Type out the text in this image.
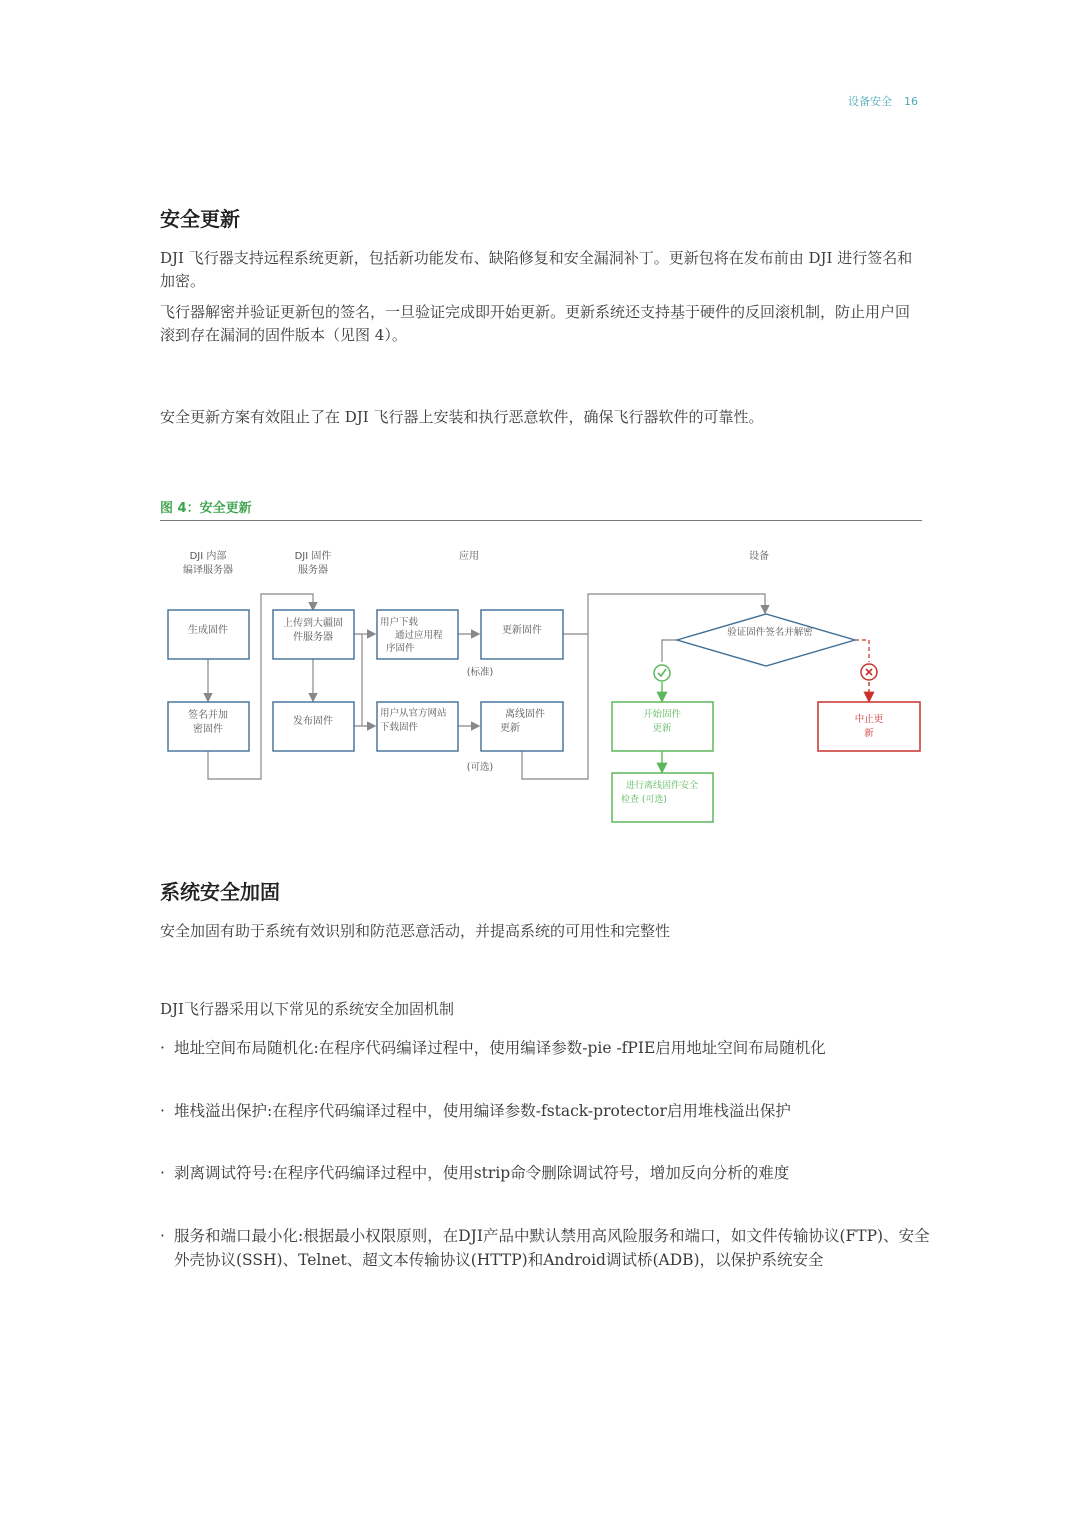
设备安全 16
安全更新

DJI 飞行器支持远程系统更新，包括新功能发布、缺陷修复和安全漏洞补丁。更新包将在发布前由 DJI 进行签名和加密。

飞行器解密并验证更新包的签名，一旦验证完成即开始更新。更新系统还支持基于硬件的反回滚机制，防止用户回滚到存在漏洞的固件版本（见图 4）。

安全更新方案有效阻止了在 DJI 飞行器上安装和执行恶意软件，确保飞行器软件的可靠性。

图 4：安全更新
DJI 内部
编译服务器
DJI 固件
服务器
应用	设备
生成固件
签名并加
密固件
上传到大疆固
件服务器
发布固件
用户下载
通过应用程
序固件
更新固件
用户从官方网站
下载固件
离线固件
更新
(标准)
(可选)
验证固件签名并解密
开始固件
更新
中止更
新
进行离线固件安全
检查 (可选)
系统安全加固

安全加固有助于系统有效识别和防范恶意活动，并提高系统的可用性和完整性

DJI飞行器采用以下常见的系统安全加固机制

· 地址空间布局随机化:在程序代码编译过程中，使用编译参数-pie -fPIE启用地址空间布局随机化

· 堆栈溢出保护:在程序代码编译过程中，使用编译参数-fstack-protector启用堆栈溢出保护

· 剥离调试符号:在程序代码编译过程中，使用strip命令删除调试符号，增加反向分析的难度

· 服务和端口最小化:根据最小权限原则，在DJI产品中默认禁用高风险服务和端口，如文件传输协议(FTP)、安全外壳协议(SSH)、Telnet、超文本传输协议(HTTP)和Android调试桥(ADB)，以保护系统安全
